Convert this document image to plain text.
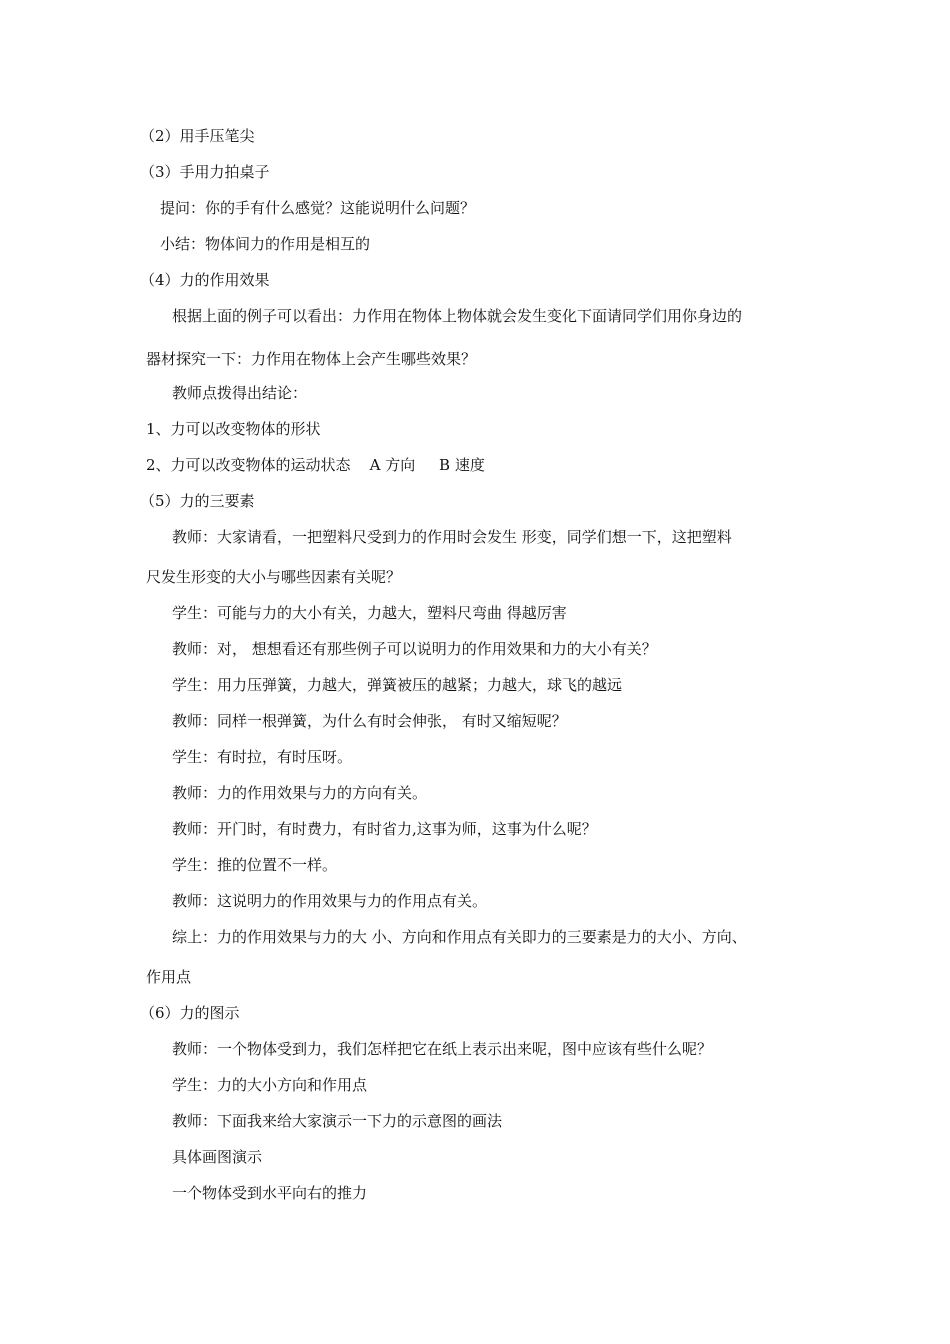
（2）用手压笔尖
（3）手用力拍桌子
提问：你的手有什么感觉？这能说明什么问题？
小结：物体间力的作用是相互的
（4）力的作用效果
根据上面的例子可以看出：力作用在物体上物体就会发生变化下面请同学们用你身边的
器材探究一下：力作用在物体上会产生哪些效果？
教师点拨得出结论：
1、力可以改变物体的形状
2、力可以改变物体的运动状态    A 方向     B 速度
（5）力的三要素
教师：大家请看，一把塑料尺受到力的作用时会发生 形变，同学们想一下，这把塑料
尺发生形变的大小与哪些因素有关呢？
学生：可能与力的大小有关，力越大，塑料尺弯曲 得越厉害
教师：对， 想想看还有那些例子可以说明力的作用效果和力的大小有关？
学生：用力压弹簧，力越大，弹簧被压的越紧；力越大，球飞的越远
教师：同样一根弹簧，为什么有时会伸张， 有时又缩短呢？
学生：有时拉，有时压呀。
教师：力的作用效果与力的方向有关。
教师：开门时，有时费力，有时省力,这事为师，这事为什么呢？
学生：推的位置不一样。
教师：这说明力的作用效果与力的作用点有关。
综上：力的作用效果与力的大 小、方向和作用点有关即力的三要素是力的大小、方向、
作用点
（6）力的图示
教师：一个物体受到力，我们怎样把它在纸上表示出来呢，图中应该有些什么呢？
学生：力的大小方向和作用点
教师：下面我来给大家演示一下力的示意图的画法
具体画图演示
一个物体受到水平向右的推力
